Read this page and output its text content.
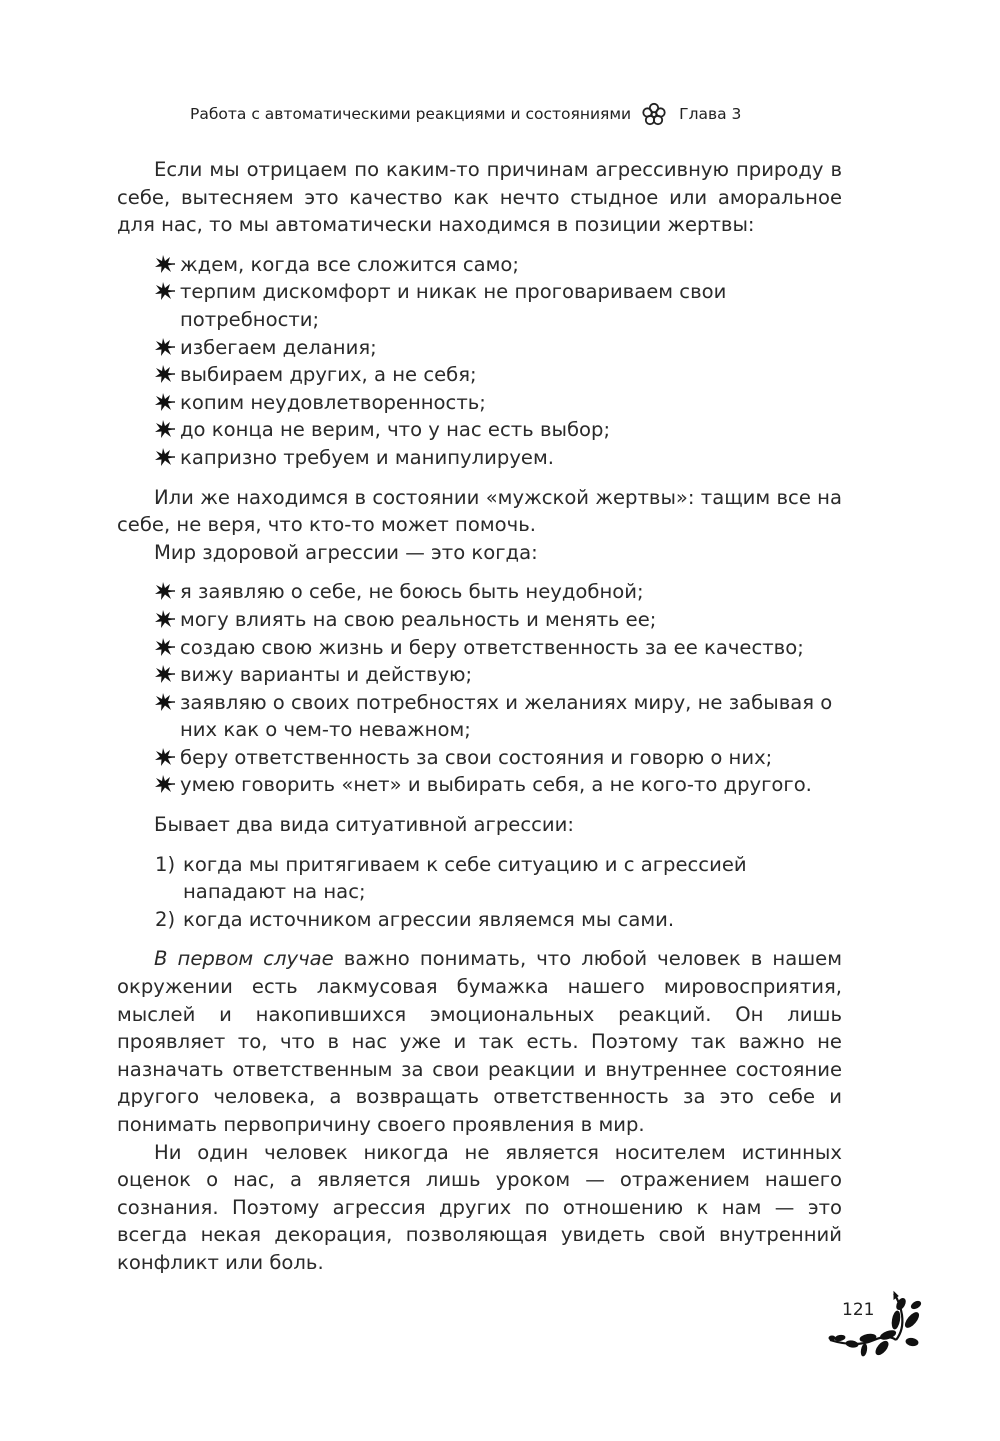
Работа с автоматическими реакциями и состояниями	Глава 3

Если мы отрицаем по каким-то причинам агрессивную природу в себе, вытесняем это качество как нечто стыдное или аморальное для нас, то мы автоматически находимся в позиции жертвы:

ждем, когда все сложится само;
терпим дискомфорт и никак не проговариваем свои потребности;
избегаем делания;
выбираем других, а не себя;
копим неудовлетворенность;
до конца не верим, что у нас есть выбор;
капризно требуем и манипулируем.

Или же находимся в состоянии «мужской жертвы»: тащим все на себе, не веря, что кто-то может помочь.

Мир здоровой агрессии — это когда:

я заявляю о себе, не боюсь быть неудобной;
могу влиять на свою реальность и менять ее;
создаю свою жизнь и беру ответственность за ее качество;
вижу варианты и действую;
заявляю о своих потребностях и желаниях миру, не забывая о них как о чем-то неважном;
беру ответственность за свои состояния и говорю о них;
умею говорить «нет» и выбирать себя, а не кого-то другого.

Бывает два вида ситуативной агрессии:

1) когда мы притягиваем к себе ситуацию и с агрессией нападают на нас;
2) когда источником агрессии являемся мы сами.

В первом случае важно понимать, что любой человек в нашем окружении есть лакмусовая бумажка нашего мировосприятия, мыслей и накопившихся эмоциональных реакций. Он лишь проявляет то, что в нас уже и так есть. Поэтому так важно не назначать ответственным за свои реакции и внутреннее состояние другого человека, а возвращать ответственность за это себе и понимать первопричину своего проявления в мир.

Ни один человек никогда не является носителем истинных оценок о нас, а является лишь уроком — отражением нашего сознания. Поэтому агрессия других по отношению к нам — это всегда некая декорация, позволяющая увидеть свой внутренний конфликт или боль.

121
